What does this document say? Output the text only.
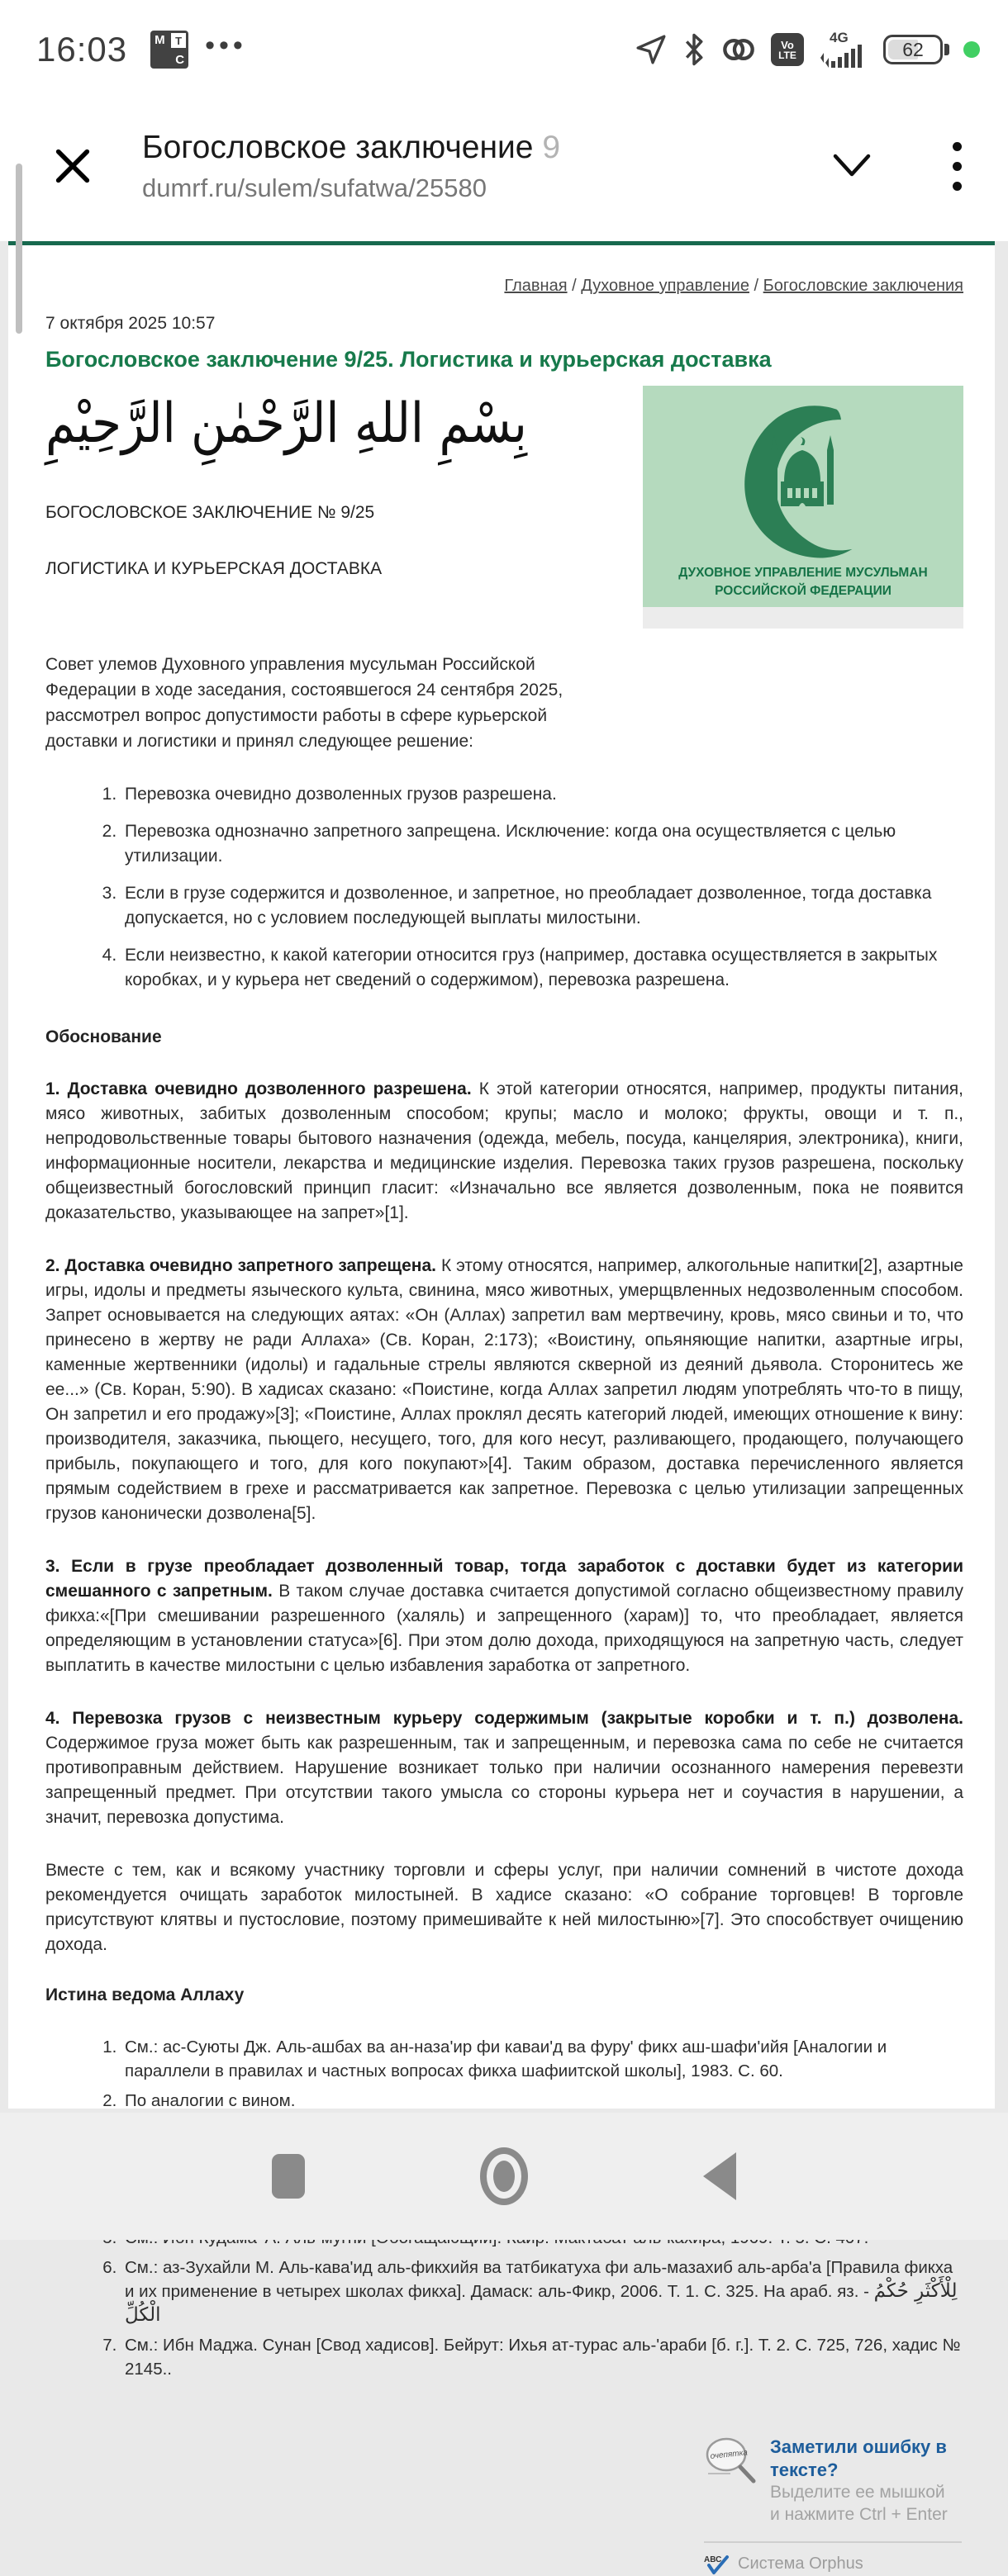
16:03 М Т
С •••	Vo
LTE
4G
62
Богословское заключение 9
dumrf.ru/sulem/sufatwa/25580
Главная / Духовное управление / Богословские заключения
7 октября 2025 10:57
Богословское заключение 9/25. Логистика и курьерская доставка
بِسْمِ اللهِ الرَّحْمٰنِ الرَّحِيْمِ
БОГОСЛОВСКОЕ ЗАКЛЮЧЕНИЕ № 9/25
ЛОГИСТИКА И КУРЬЕРСКАЯ ДОСТАВКА

Совет улемов Духовного управления мусульман Российской Федерации в ходе заседания, состоявшегося 24 сентября 2025, рассмотрел вопрос допустимости работы в сфере курьерской доставки и логистики и принял следующее решение:

ДУХОВНОЕ УПРАВЛЕНИЕ МУСУЛЬМАН
РОССИЙСКОЙ ФЕДЕРАЦИИ
1. Перевозка очевидно дозволенных грузов разрешена.
2. Перевозка однозначно запретного запрещена. Исключение: когда она осуществляется с целью утилизации.
3. Если в грузе содержится и дозволенное, и запретное, но преобладает дозволенное, тогда доставка допускается, но с условием последующей выплаты милостыни.
4. Если неизвестно, к какой категории относится груз (например, доставка осуществляется в закрытых коробках, и у курьера нет сведений о содержимом), перевозка разрешена.
Обоснование

1. Доставка очевидно дозволенного разрешена. К этой категории относятся, например, продукты питания, мясо животных, забитых дозволенным способом; крупы; масло и молоко; фрукты, овощи и т. п., непродовольственные товары бытового назначения (одежда, мебель, посуда, канцелярия, электроника), книги, информационные носители, лекарства и медицинские изделия. Перевозка таких грузов разрешена, поскольку общеизвестный богословский принцип гласит: «Изначально все является дозволенным, пока не появится доказательство, указывающее на запрет»[1].

2. Доставка очевидно запретного запрещена. К этому относятся, например, алкогольные напитки[2], азартные игры, идолы и предметы языческого культа, свинина, мясо животных, умерщвленных недозволенным способом. Запрет основывается на следующих аятах: «Он (Аллах) запретил вам мертвечину, кровь, мясо свиньи и то, что принесено в жертву не ради Аллаха» (Св. Коран, 2:173); «Воистину, опьяняющие напитки, азартные игры, каменные жертвенники (идолы) и гадальные стрелы являются скверной из деяний дьявола. Сторонитесь же ее...» (Св. Коран, 5:90). В хадисах сказано: «Поистине, когда Аллах запретил людям употреблять что-то в пищу, Он запретил и его продажу»[3]; «Поистине, Аллах проклял десять категорий людей, имеющих отношение к вину: производителя, заказчика, пьющего, несущего, того, для кого несут, разливающего, продающего, получающего прибыль, покупающего и того, для кого покупают»[4]. Таким образом, доставка перечисленного является прямым содействием в грехе и рассматривается как запретное. Перевозка с целью утилизации запрещенных грузов канонически дозволена[5].

3. Если в грузе преобладает дозволенный товар, тогда заработок с доставки будет из категории смешанного с запретным. В таком случае доставка считается допустимой согласно общеизвестному правилу фикха:«[При смешивании разрешенного (халяль) и запрещенного (харам)] то, что преобладает, является определяющим в установлении статуса»[6]. При этом долю дохода, приходящуюся на запретную часть, следует выплатить в качестве милостыни с целью избавления заработка от запретного.

4. Перевозка грузов с неизвестным курьеру содержимым (закрытые коробки и т. п.) дозволена. Содержимое груза может быть как разрешенным, так и запрещенным, и перевозка сама по себе не считается противоправным действием. Нарушение возникает только при наличии осознанного намерения перевезти запрещенный предмет. При отсутствии такого умысла со стороны курьера нет и соучастия в нарушении, а значит, перевозка допустима.

Вместе с тем, как и всякому участнику торговли и сферы услуг, при наличии сомнений в чистоте дохода рекомендуется очищать заработок милостыней. В хадисе сказано: «О собрание торговцев! В торговле присутствуют клятвы и пустословие, поэтому примешивайте к ней милостыню»[7]. Это способствует очищению дохода.

Истина ведома Аллаху
1. См.: ас-Суюты Дж. Аль-ашбах ва ан-наза'ир фи каваи'д ва фуру' фикх аш-шафи'ийя [Аналогии и параллели в правилах и частных вопросах фикха шафиитской школы], 1983. С. 60.
2. По аналогии с вином.
3.
4.
5.
6. См.: аз-Зухайли М. Аль-кава'ид аль-фикхийя ва татбикатуха фи аль-мазахиб аль-арба'а [Правила фикха и их применение в четырех школах фикха]. Дамаск: аль-Фикр, 2006. Т. 1. С. 325. На араб. яз. - لِلْأَكْثَرِ حُكْمُ الْكُلِّ
7. См.: Ибн Маджа. Сунан [Свод хадисов]. Бейрут: Ихья ат-турас аль-'араби [б. г.]. Т. 2. С. 725, 726, хадис № 2145..
очепятка Заметили ошибку в тексте?
Выделите ее мышкой
и нажмите Ctrl + Enter
АВС Система Orphus
